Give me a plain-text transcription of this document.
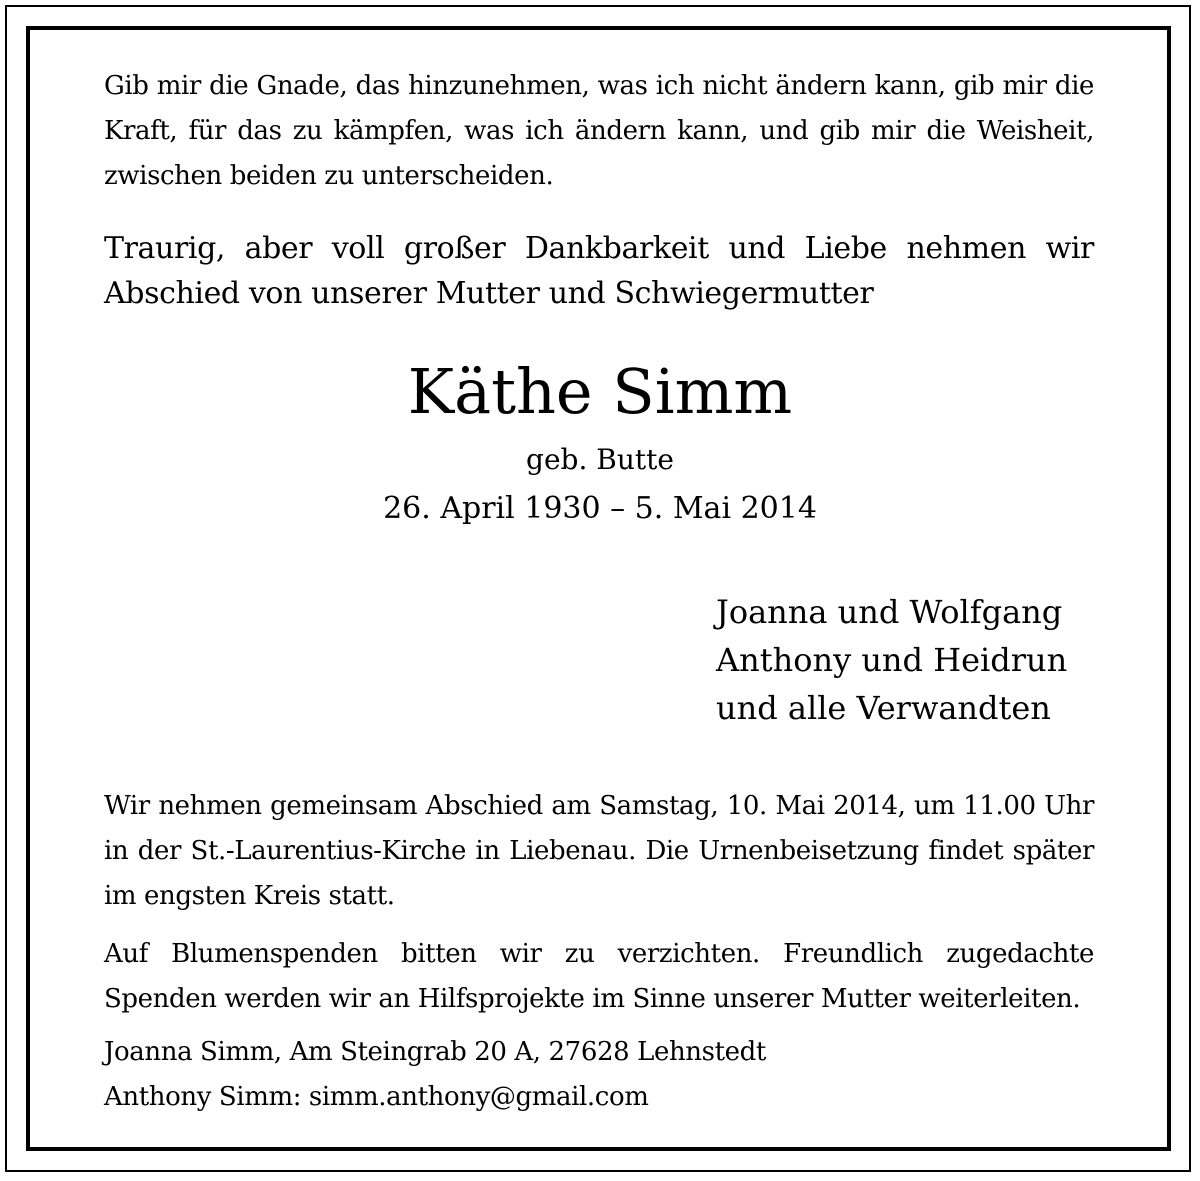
Gib mir die Gnade, das hinzunehmen, was ich nicht ändern kann, gib mir die
Kraft, für das zu kämpfen, was ich ändern kann, und gib mir die Weisheit,
zwischen beiden zu unterscheiden.
Traurig, aber voll großer Dankbarkeit und Liebe nehmen wir
Abschied von unserer Mutter und Schwiegermutter
Käthe Simm
geb. Butte
26. April 1930 – 5. Mai 2014
Joanna und Wolfgang
Anthony und Heidrun
und alle Verwandten
Wir nehmen gemeinsam Abschied am Samstag, 10. Mai 2014, um 11.00 Uhr
in der St.-Laurentius-Kirche in Liebenau. Die Urnenbeisetzung findet später
im engsten Kreis statt.
Auf Blumenspenden bitten wir zu verzichten. Freundlich zugedachte
Spenden werden wir an Hilfsprojekte im Sinne unserer Mutter weiterleiten.
Joanna Simm, Am Steingrab 20 A, 27628 Lehnstedt
Anthony Simm: simm.anthony@gmail.com
